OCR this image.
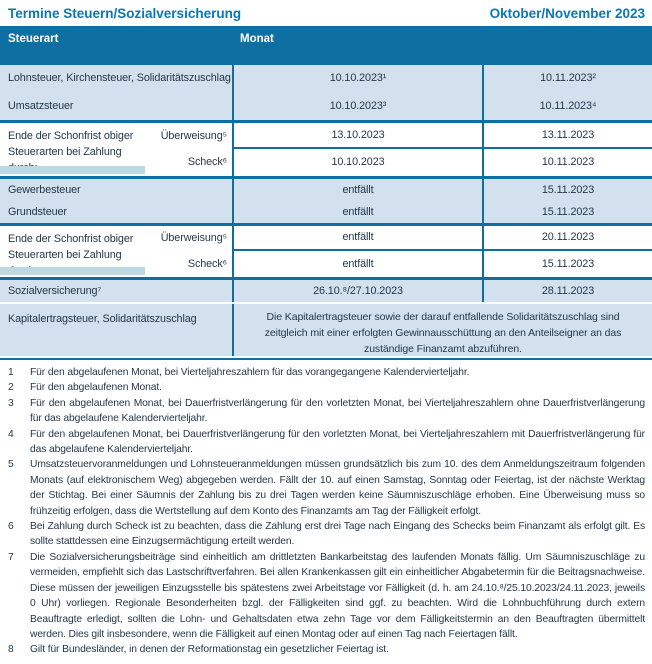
Termine Steuern/Sozialversicherung	Oktober/November 2023
Steuerart	Monat
Lohnsteuer, Kirchensteuer, Solidaritätszuschlag	10.10.2023¹	10.11.2023²
Umsatzsteuer	10.10.2023³	10.11.2023⁴
Ende der Schonfrist obiger
Steuerarten bei Zahlung
Überweisung⁵	13.10.2023	13.11.2023
Scheck⁶	10.10.2023	10.11.2023
Gewerbesteuer	entfällt	15.11.2023
Grundsteuer	entfällt	15.11.2023
Ende der Schonfrist obiger
Steuerarten bei Zahlung
Überweisung⁵	entfällt	20.11.2023
Scheck⁶	entfällt	15.11.2023
Sozialversicherung⁷	26.10.⁸/27.10.2023	28.11.2023
Kapitalertragsteuer, Solidaritätszuschlag	Die Kapitalertragsteuer sowie der darauf entfallende Solidaritätszuschlag sind zeitgleich mit einer erfolgten Gewinnausschüttung an den Anteilseigner an das zuständige Finanzamt abzuführen.
1	Für den abgelaufenen Monat, bei Vierteljahreszahlern für das vorangegangene Kalendervierteljahr.
2	Für den abgelaufenen Monat.
3	Für den abgelaufenen Monat, bei Dauerfristverlängerung für den vorletzten Monat, bei Vierteljahreszahlern ohne Dauerfristverlängerung für das abgelaufene Kalendervierteljahr.
4	Für den abgelaufenen Monat, bei Dauerfristverlängerung für den vorletzten Monat, bei Vierteljahreszahlern mit Dauerfristverlängerung für das abgelaufene Kalendervierteljahr.
5	Umsatzsteuervoranmeldungen und Lohnsteueranmeldungen müssen grundsätzlich bis zum 10. des dem Anmeldungszeitraum folgenden Monats (auf elektronischem Weg) abgegeben werden. Fällt der 10. auf einen Samstag, Sonntag oder Feiertag, ist der nächste Werktag der Stichtag. Bei einer Säumnis der Zahlung bis zu drei Tagen werden keine Säumniszuschläge erhoben. Eine Überweisung muss so frühzeitig erfolgen, dass die Wertstellung auf dem Konto des Finanzamts am Tag der Fälligkeit erfolgt.
6	Bei Zahlung durch Scheck ist zu beachten, dass die Zahlung erst drei Tage nach Eingang des Schecks beim Finanzamt als erfolgt gilt. Es sollte stattdessen eine Einzugsermächtigung erteilt werden.
7	Die Sozialversicherungsbeiträge sind einheitlich am drittletzten Bankarbeitstag des laufenden Monats fällig. Um Säumniszuschläge zu vermeiden, empfiehlt sich das Lastschriftverfahren. Bei allen Krankenkassen gilt ein einheitlicher Abgabetermin für die Beitragsnachweise. Diese müssen der jeweiligen Einzugsstelle bis spätestens zwei Arbeitstage vor Fälligkeit (d. h. am 24.10.⁸/25.10.2023/24.11.2023, jeweils 0 Uhr) vorliegen. Regionale Besonderheiten bzgl. der Fälligkeiten sind ggf. zu beachten. Wird die Lohnbuchführung durch extern Beauftragte erledigt, sollten die Lohn- und Gehaltsdaten etwa zehn Tage vor dem Fälligkeitstermin an den Beauftragten übermittelt werden. Dies gilt insbesondere, wenn die Fälligkeit auf einen Montag oder auf einen Tag nach Feiertagen fällt.
8	Gilt für Bundesländer, in denen der Reformationstag ein gesetzlicher Feiertag ist.
